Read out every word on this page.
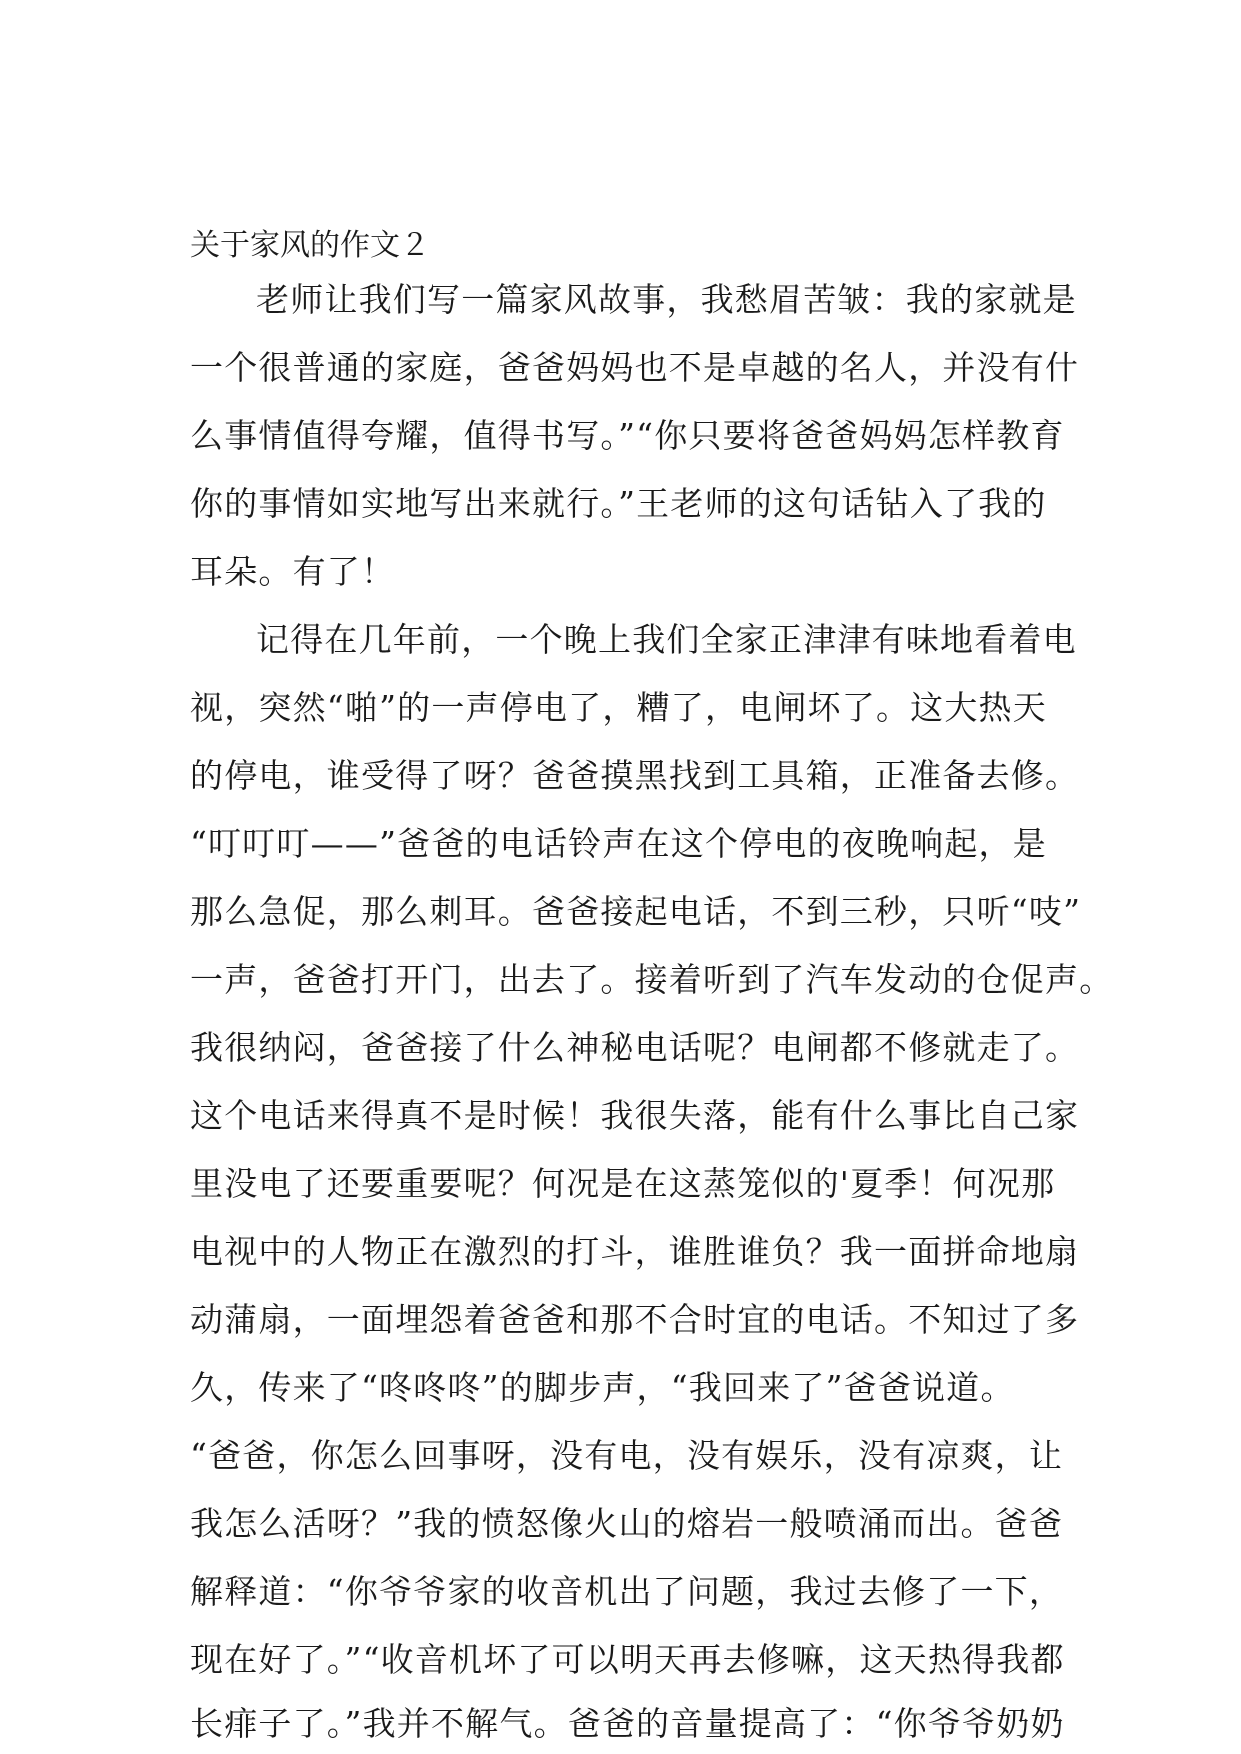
关于家风的作文２
老师让我们写一篇家风故事，我愁眉苦皱：我的家就是
一个很普通的家庭，爸爸妈妈也不是卓越的名人，并没有什
么事情值得夸耀，值得书写。”“你只要将爸爸妈妈怎样教育
你的事情如实地写出来就行。”王老师的这句话钻入了我的
耳朵。有了！
记得在几年前，一个晚上我们全家正津津有味地看着电
视，突然“啪”的一声停电了，糟了，电闸坏了。这大热天
的停电，谁受得了呀？爸爸摸黑找到工具箱，正准备去修。
“叮叮叮——”爸爸的电话铃声在这个停电的夜晚响起，是
那么急促，那么刺耳。爸爸接起电话，不到三秒，只听“吱”
一声，爸爸打开门，出去了。接着听到了汽车发动的仓促声。
我很纳闷，爸爸接了什么神秘电话呢？电闸都不修就走了。
这个电话来得真不是时候！我很失落，能有什么事比自己家
里没电了还要重要呢？何况是在这蒸笼似的'夏季！何况那
电视中的人物正在激烈的打斗，谁胜谁负？我一面拼命地扇
动蒲扇，一面埋怨着爸爸和那不合时宜的电话。不知过了多
久，传来了“咚咚咚”的脚步声，“我回来了”爸爸说道。
“爸爸，你怎么回事呀，没有电，没有娱乐，没有凉爽，让
我怎么活呀？”我的愤怒像火山的熔岩一般喷涌而出。爸爸
解释道：“你爷爷家的收音机出了问题，我过去修了一下，
现在好了。”“收音机坏了可以明天再去修嘛，这天热得我都
长痱子了。”我并不解气。爸爸的音量提高了：“你爷爷奶奶
